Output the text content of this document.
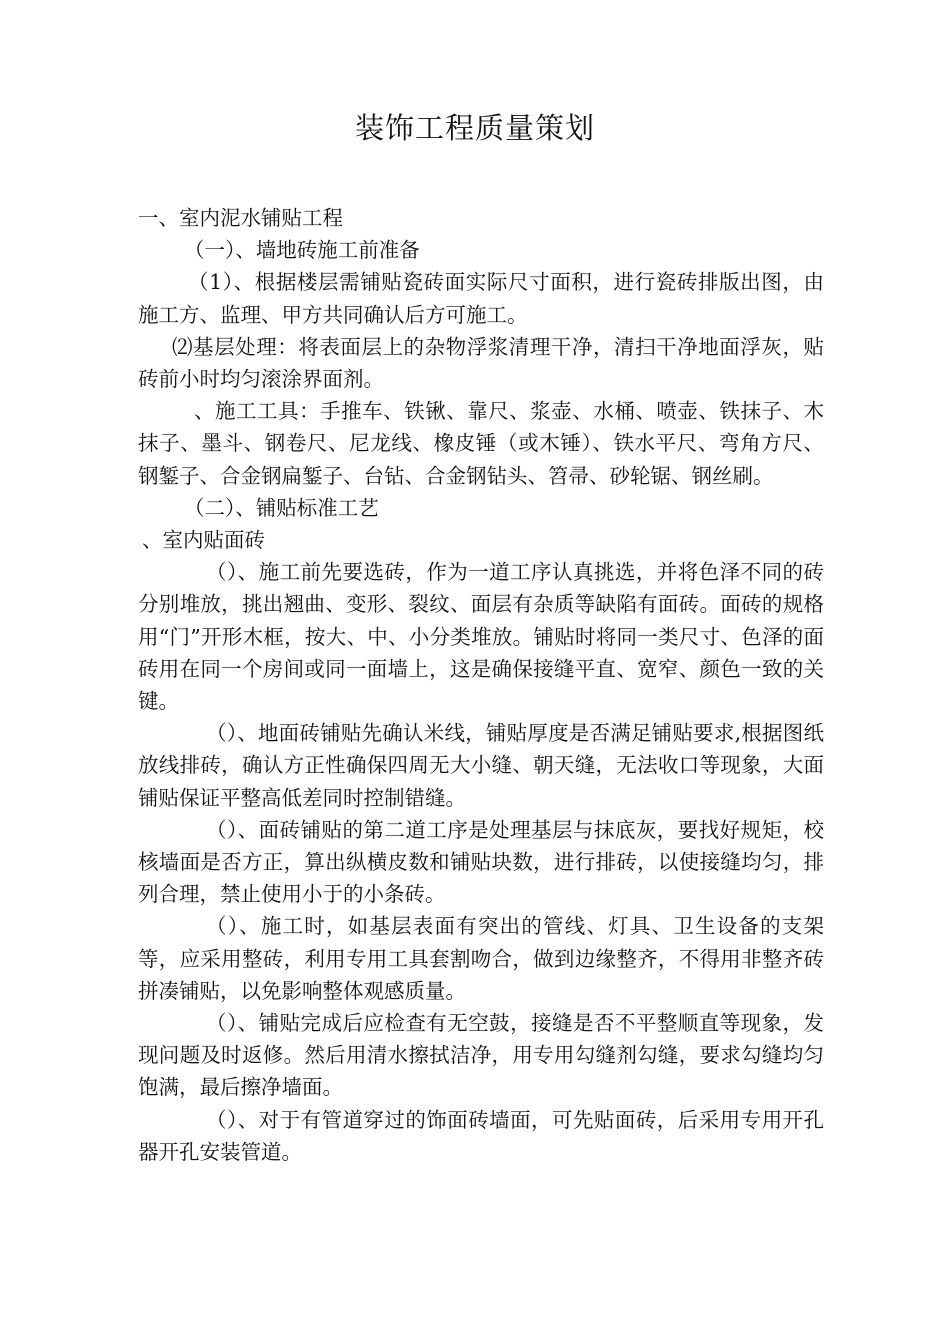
装饰工程质量策划

一、室内泥水铺贴工程

（一）、墙地砖施工前准备

（1）、根据楼层需铺贴瓷砖面实际尺寸面积，进行瓷砖排版出图，由施工方、监理、甲方共同确认后方可施工。

⑵基层处理：将表面层上的杂物浮浆清理干净，清扫干净地面浮灰，贴砖前小时均匀滚涂界面剂。

、施工工具：手推车、铁锹、靠尺、浆壶、水桶、喷壶、铁抹子、木抹子、墨斗、钢卷尺、尼龙线、橡皮锤（或木锤）、铁水平尺、弯角方尺、钢錾子、合金钢扁錾子、台钻、合金钢钻头、笤帚、砂轮锯、钢丝刷。

（二）、铺贴标准工艺

、室内贴面砖

（）、施工前先要选砖，作为一道工序认真挑选，并将色泽不同的砖分别堆放，挑出翘曲、变形、裂纹、面层有杂质等缺陷有面砖。面砖的规格用“门”开形木框，按大、中、小分类堆放。铺贴时将同一类尺寸、色泽的面砖用在同一个房间或同一面墙上，这是确保接缝平直、宽窄、颜色一致的关键。

（）、地面砖铺贴先确认米线，铺贴厚度是否满足铺贴要求,根据图纸放线排砖，确认方正性确保四周无大小缝、朝天缝，无法收口等现象，大面铺贴保证平整高低差同时控制错缝。

（）、面砖铺贴的第二道工序是处理基层与抹底灰，要找好规矩，校核墙面是否方正，算出纵横皮数和铺贴块数，进行排砖，以使接缝均匀，排列合理，禁止使用小于的小条砖。

（）、施工时，如基层表面有突出的管线、灯具、卫生设备的支架等，应采用整砖，利用专用工具套割吻合，做到边缘整齐，不得用非整齐砖拼凑铺贴，以免影响整体观感质量。

（）、铺贴完成后应检查有无空鼓，接缝是否不平整顺直等现象，发现问题及时返修。然后用清水擦拭洁净，用专用勾缝剂勾缝，要求勾缝均匀饱满，最后擦净墙面。

（）、对于有管道穿过的饰面砖墙面，可先贴面砖，后采用专用开孔器开孔安装管道。
